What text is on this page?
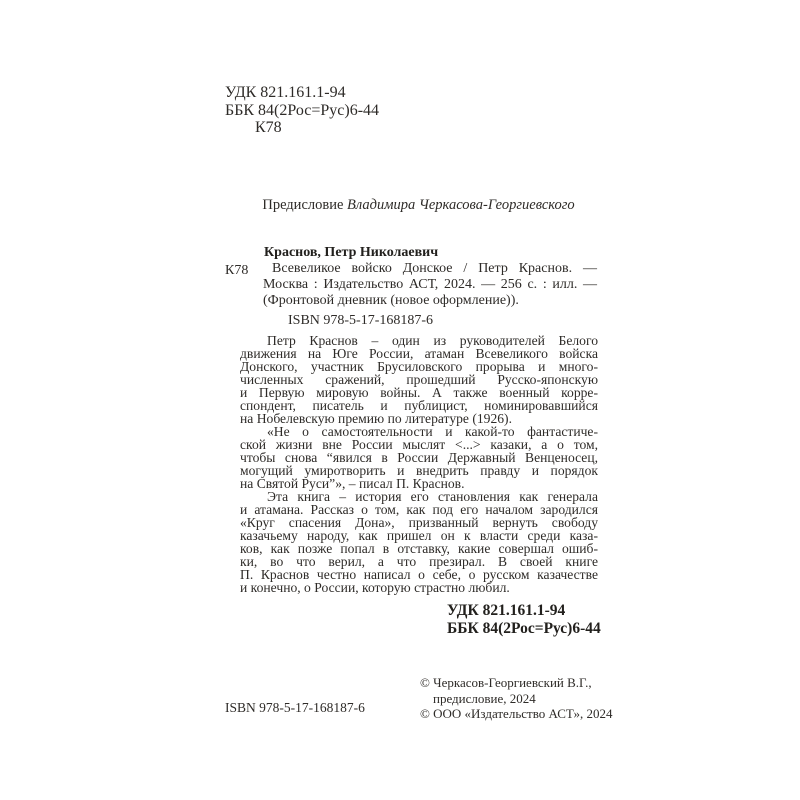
УДК 821.161.1-94
ББК 84(2Рос=Рус)6-44
К78
Предисловие Владимира Черкасова-Георгиевского
К78
Краснов, Петр Николаевич
Всевеликое войско Донское / Петр Краснов. —
Москва : Издательство АСТ, 2024. — 256 с. : илл. —
(Фронтовой дневник (новое оформление)).
ISBN 978-5-17-168187-6
Петр Краснов – один из руководителей Белого
движения на Юге России, атаман Всевеликого войска
Донского, участник Брусиловского прорыва и много-
численных сражений, прошедший Русско-японскую
и Первую мировую войны. А также военный корре-
спондент, писатель и публицист, номинировавшийся
на Нобелевскую премию по литературе (1926).
«Не о самостоятельности и какой-то фантастиче-
ской жизни вне России мыслят <...> казаки, а о том,
чтобы снова “явился в России Державный Венценосец,
могущий умиротворить и внедрить правду и порядок
на Святой Руси”», – писал П. Краснов.
Эта книга – история его становления как генерала
и атамана. Рассказ о том, как под его началом зародился
«Круг спасения Дона», призванный вернуть свободу
казачьему народу, как пришел он к власти среди каза-
ков, как позже попал в отставку, какие совершал ошиб-
ки, во что верил, а что презирал. В своей книге
П. Краснов честно написал о себе, о русском казачестве
и конечно, о России, которую страстно любил.
УДК 821.161.1-94
ББК 84(2Рос=Рус)6-44
ISBN 978-5-17-168187-6
© Черкасов-Георгиевский В.Г.,
предисловие, 2024
© ООО «Издательство АСТ», 2024
